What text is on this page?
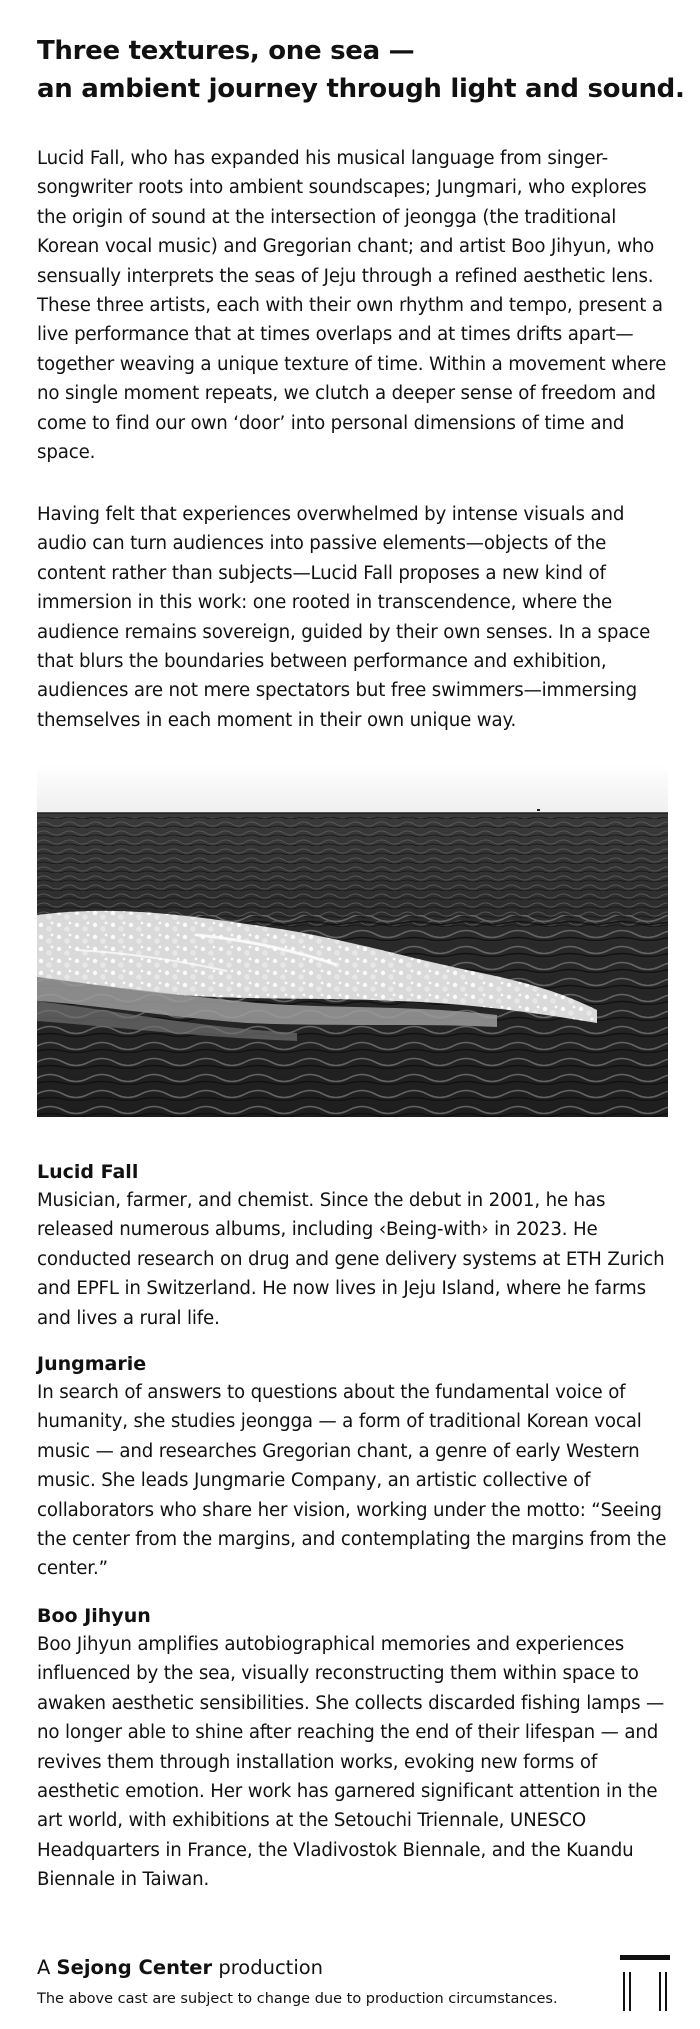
Three textures, one sea —
an ambient journey through light and sound.

Lucid Fall, who has expanded his musical language from singer-songwriter roots into ambient soundscapes; Jungmari, who explores the origin of sound at the intersection of jeongga (the traditional Korean vocal music) and Gregorian chant; and artist Boo Jihyun, who sensually interprets the seas of Jeju through a refined aesthetic lens. These three artists, each with their own rhythm and tempo, present a live performance that at times overlaps and at times drifts apart—together weaving a unique texture of time. Within a movement where no single moment repeats, we clutch a deeper sense of freedom and come to find our own ‘door’ into personal dimensions of time and space.

Having felt that experiences overwhelmed by intense visuals and audio can turn audiences into passive elements—objects of the content rather than subjects—Lucid Fall proposes a new kind of immersion in this work: one rooted in transcendence, where the audience remains sovereign, guided by their own senses. In a space that blurs the boundaries between performance and exhibition, audiences are not mere spectators but free swimmers—immersing themselves in each moment in their own unique way.

Lucid Fall

Musician, farmer, and chemist. Since the debut in 2001, he has released numerous albums, including ‹Being-with› in 2023. He conducted research on drug and gene delivery systems at ETH Zurich and EPFL in Switzerland. He now lives in Jeju Island, where he farms and lives a rural life.

Jungmarie

In search of answers to questions about the fundamental voice of humanity, she studies jeongga — a form of traditional Korean vocal music — and researches Gregorian chant, a genre of early Western music. She leads Jungmarie Company, an artistic collective of collaborators who share her vision, working under the motto: “Seeing the center from the margins, and contemplating the margins from the center.”

Boo Jihyun

Boo Jihyun amplifies autobiographical memories and experiences influenced by the sea, visually reconstructing them within space to awaken aesthetic sensibilities. She collects discarded fishing lamps — no longer able to shine after reaching the end of their lifespan — and revives them through installation works, evoking new forms of aesthetic emotion. Her work has garnered significant attention in the art world, with exhibitions at the Setouchi Triennale, UNESCO Headquarters in France, the Vladivostok Biennale, and the Kuandu Biennale in Taiwan.

A Sejong Center production
The above cast are subject to change due to production circumstances.
